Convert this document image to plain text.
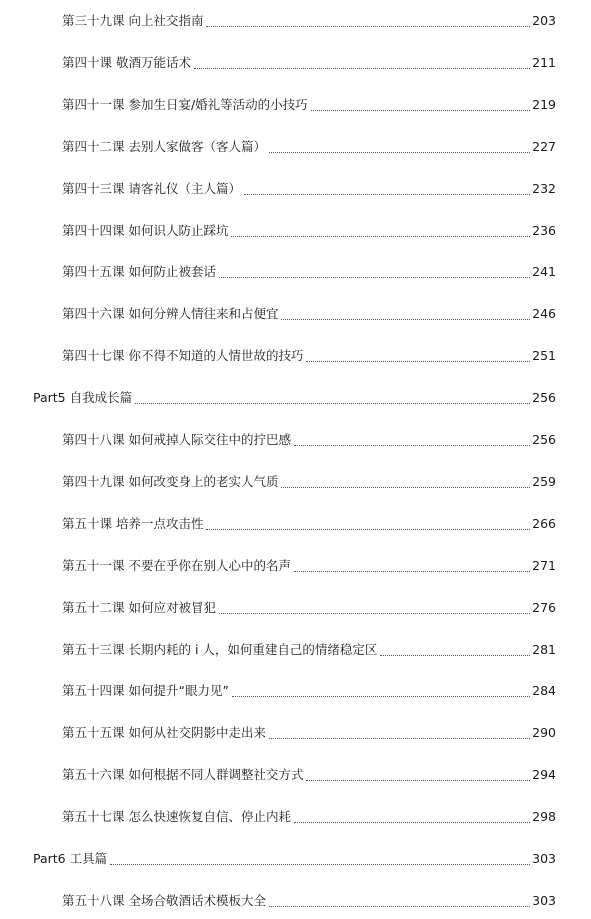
第三十九课 向上社交指南	203
第四十课 敬酒万能话术	211
第四十一课 参加生日宴/婚礼等活动的小技巧	219
第四十二课 去别人家做客（客人篇）	227
第四十三课 请客礼仪（主人篇）	232
第四十四课 如何识人防止踩坑	236
第四十五课 如何防止被套话	241
第四十六课 如何分辨人情往来和占便宜	246
第四十七课 你不得不知道的人情世故的技巧	251
Part5 自我成长篇	256
第四十八课 如何戒掉人际交往中的拧巴感	256
第四十九课 如何改变身上的老实人气质	259
第五十课 培养一点攻击性	266
第五十一课 不要在乎你在别人心中的名声	271
第五十二课 如何应对被冒犯	276
第五十三课 长期内耗的 i 人，如何重建自己的情绪稳定区	281
第五十四课 如何提升“眼力见”	284
第五十五课 如何从社交阴影中走出来	290
第五十六课 如何根据不同人群调整社交方式	294
第五十七课 怎么快速恢复自信、停止内耗	298
Part6 工具篇	303
第五十八课 全场合敬酒话术模板大全	303
